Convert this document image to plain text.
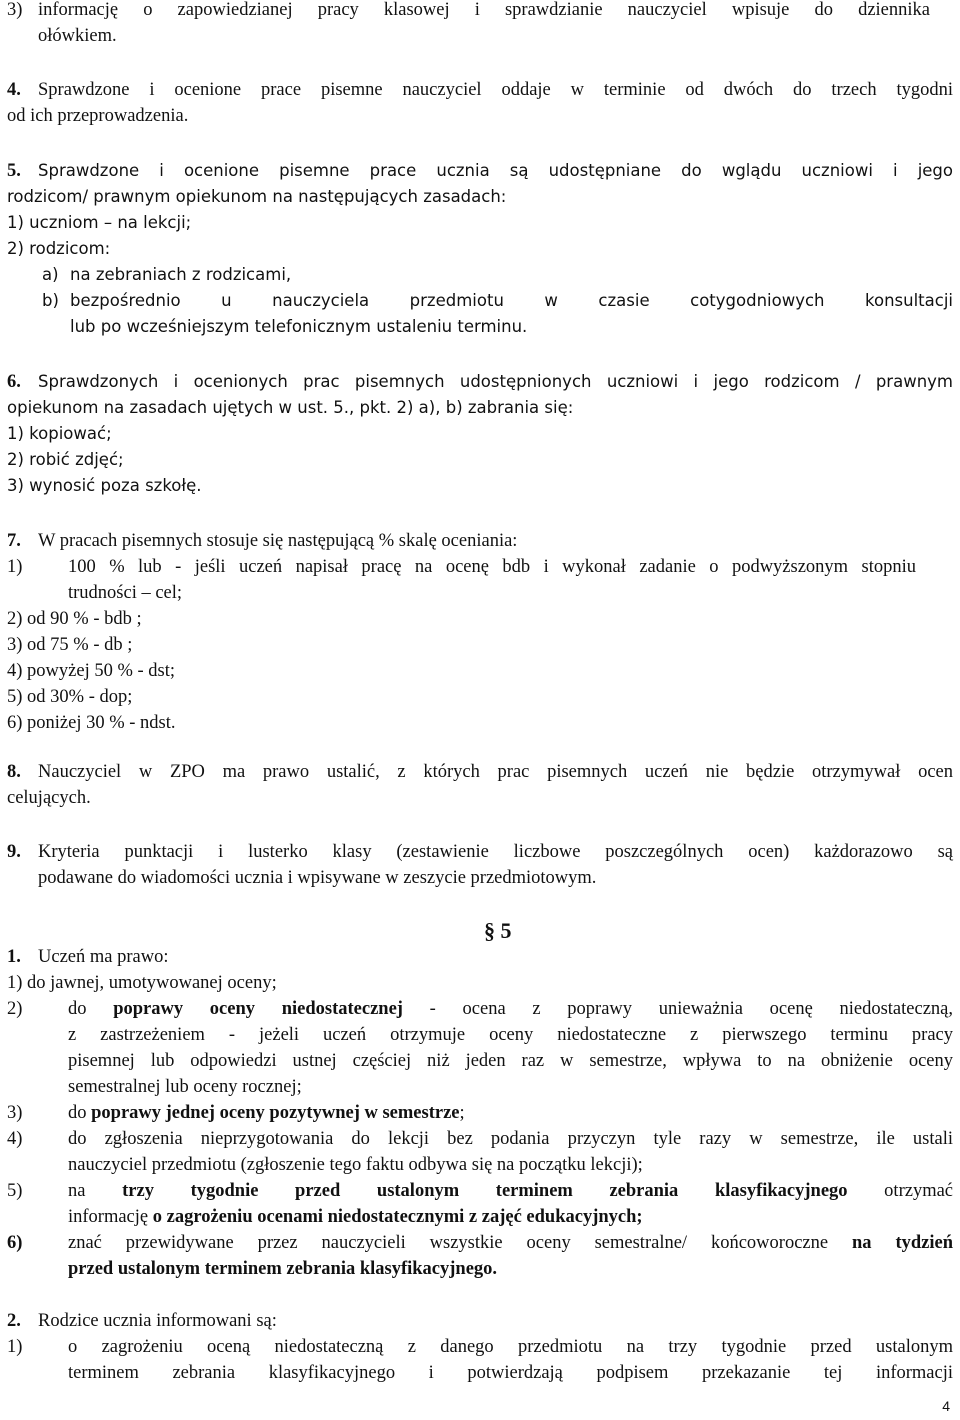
3) informację o zapowiedzianej pracy klasowej i sprawdzianie nauczyciel wpisuje do dziennika
ołówkiem.
4. Sprawdzone i ocenione prace pisemne nauczyciel oddaje w terminie od dwóch do trzech tygodni
od ich przeprowadzenia.
5. Sprawdzone i ocenione pisemne prace ucznia są udostępniane do wglądu uczniowi i jego
rodzicom/ prawnym opiekunom na następujących zasadach:
1) uczniom – na lekcji;
2) rodzicom:
a) na zebraniach z rodzicami,
b) bezpośrednio u nauczyciela przedmiotu w czasie cotygodniowych konsultacji
lub po wcześniejszym telefonicznym ustaleniu terminu.
6. Sprawdzonych i ocenionych prac pisemnych udostępnionych uczniowi i jego rodzicom / prawnym
opiekunom na zasadach ujętych w ust. 5., pkt. 2) a), b) zabrania się:
1) kopiować;
2) robić zdjęć;
3) wynosić poza szkołę.
7. W pracach pisemnych stosuje się następującą % skalę oceniania:
1) 100 % lub - jeśli uczeń napisał pracę na ocenę bdb i wykonał zadanie o podwyższonym stopniu
trudności – cel;
2) od 90 % - bdb ;
3) od 75 % - db ;
4) powyżej 50 % - dst;
5) od 30% - dop;
6) poniżej 30 % - ndst.
8. Nauczyciel w ZPO ma prawo ustalić, z których prac pisemnych uczeń nie będzie otrzymywał ocen
celujących.
9. Kryteria punktacji i lusterko klasy (zestawienie liczbowe poszczególnych ocen) każdorazowo są
podawane do wiadomości ucznia i wpisywane w zeszycie przedmiotowym.
§ 5
1. Uczeń ma prawo:
1) do jawnej, umotywowanej oceny;
2) do poprawy oceny niedostatecznej - ocena z poprawy unieważnia ocenę niedostateczną,
z zastrzeżeniem - jeżeli uczeń otrzymuje oceny niedostateczne z pierwszego terminu pracy
pisemnej lub odpowiedzi ustnej częściej niż jeden raz w semestrze, wpływa to na obniżenie oceny
semestralnej lub oceny rocznej;
3) do poprawy jednej oceny pozytywnej w semestrze;
4) do zgłoszenia nieprzygotowania do lekcji bez podania przyczyn tyle razy w semestrze, ile ustali
nauczyciel przedmiotu (zgłoszenie tego faktu odbywa się na początku lekcji);
5) na trzy tygodnie przed ustalonym terminem zebrania klasyfikacyjnego otrzymać
informację o zagrożeniu ocenami niedostatecznymi z zajęć edukacyjnych;
6) znać przewidywane przez nauczycieli wszystkie oceny semestralne/ końcoworoczne na tydzień
przed ustalonym terminem zebrania klasyfikacyjnego.
2. Rodzice ucznia informowani są:
1) o zagrożeniu oceną niedostateczną z danego przedmiotu na trzy tygodnie przed ustalonym
terminem zebrania klasyfikacyjnego i potwierdzają podpisem przekazanie tej informacji
4
